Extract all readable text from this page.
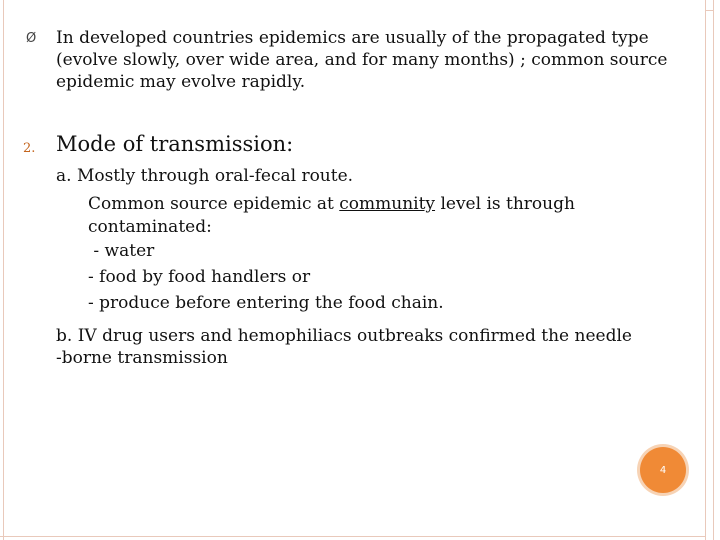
Ø In developed countries epidemics are usually of the propagated type (evolve slowly, over wide area, and for many months) ; common source epidemic may evolve rapidly.

2. Mode of transmission:

a. Mostly through oral-fecal route.

Common source epidemic at community level is through

contaminated:

- water

- food by food handlers or

- produce before entering the food chain.

b. IV drug users and hemophiliacs outbreaks confirmed the needle

-borne transmission

4
